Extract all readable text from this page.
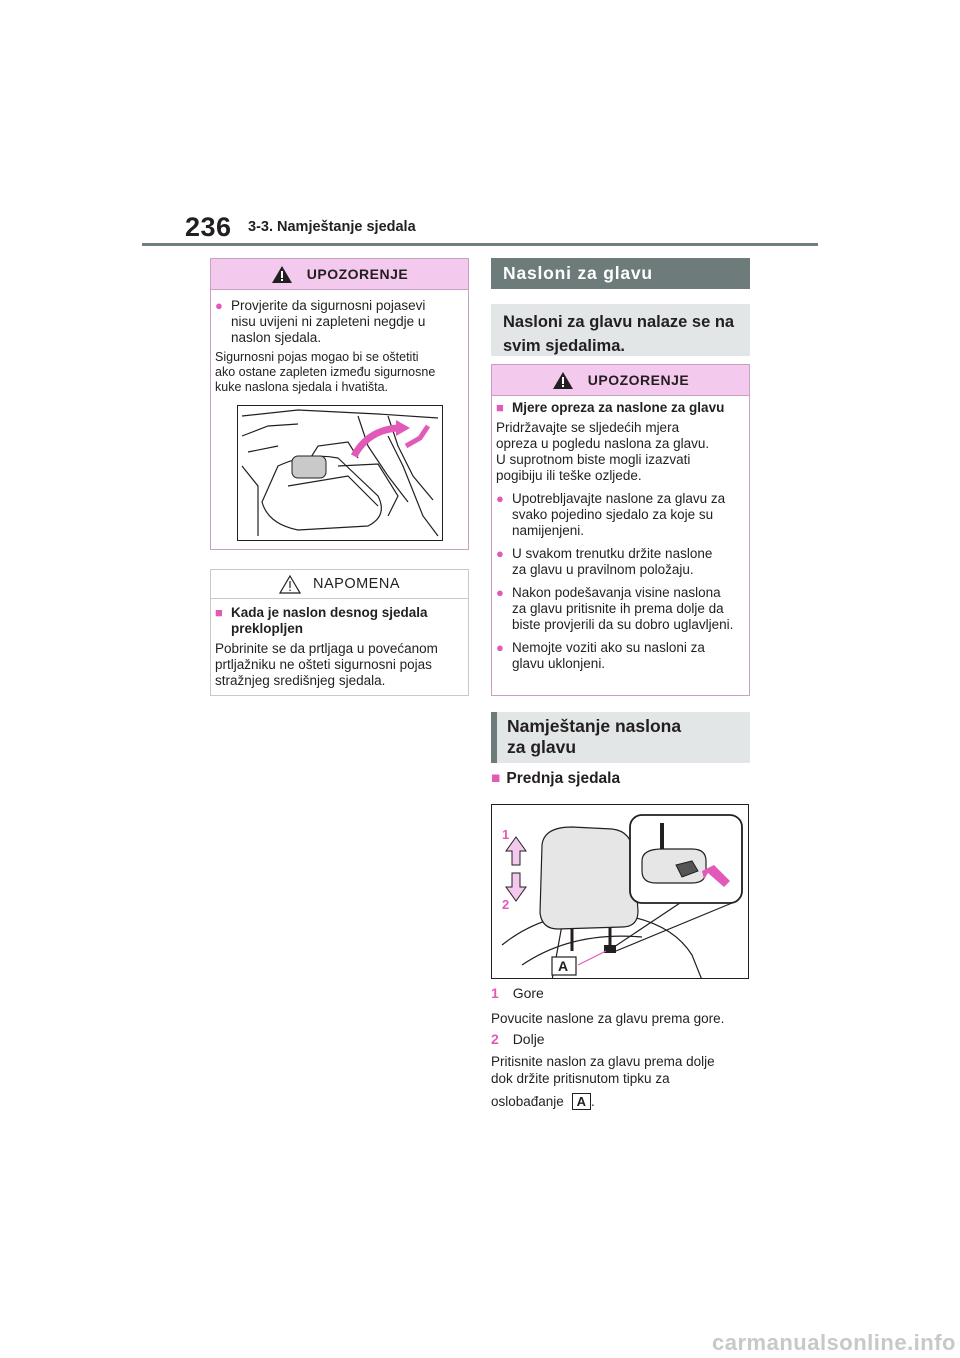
236 3-3. Namještanje sjedala
UPOZORENJE
● Provjerite da sigurnosni pojasevi
nisu uvijeni ni zapleteni negdje u
naslon sjedala.
Sigurnosni pojas mogao bi se oštetiti
ako ostane zapleten između sigurnosne
kuke naslona sjedala i hvatišta.
NAPOMENA
■ Kada je naslon desnog sjedala
preklopljen
Pobrinite se da prtljaga u povećanom
prtljažniku ne ošteti sigurnosni pojas
stražnjeg središnjeg sjedala.
Nasloni za glavu
Nasloni za glavu nalaze se na
svim sjedalima.
UPOZORENJE
■ Mjere opreza za naslone za glavu
Pridržavajte se sljedećih mjera
opreza u pogledu naslona za glavu.
U suprotnom biste mogli izazvati
pogibiju ili teške ozljede.
● Upotrebljavajte naslone za glavu za
svako pojedino sjedalo za koje su
namijenjeni.
● U svakom trenutku držite naslone
za glavu u pravilnom položaju.
● Nakon podešavanja visine naslona
za glavu pritisnite ih prema dolje da
biste provjerili da su dobro uglavljeni.
● Nemojte voziti ako su nasloni za
glavu uklonjeni.
Namještanje naslona
za glavu
■ Prednja sjedala
1
2
A
1 Gore
Povucite naslone za glavu prema gore.
2 Dolje
Pritisnite naslon za glavu prema dolje
dok držite pritisnutom tipku za
oslobađanje A .
carmanualsonline.info
